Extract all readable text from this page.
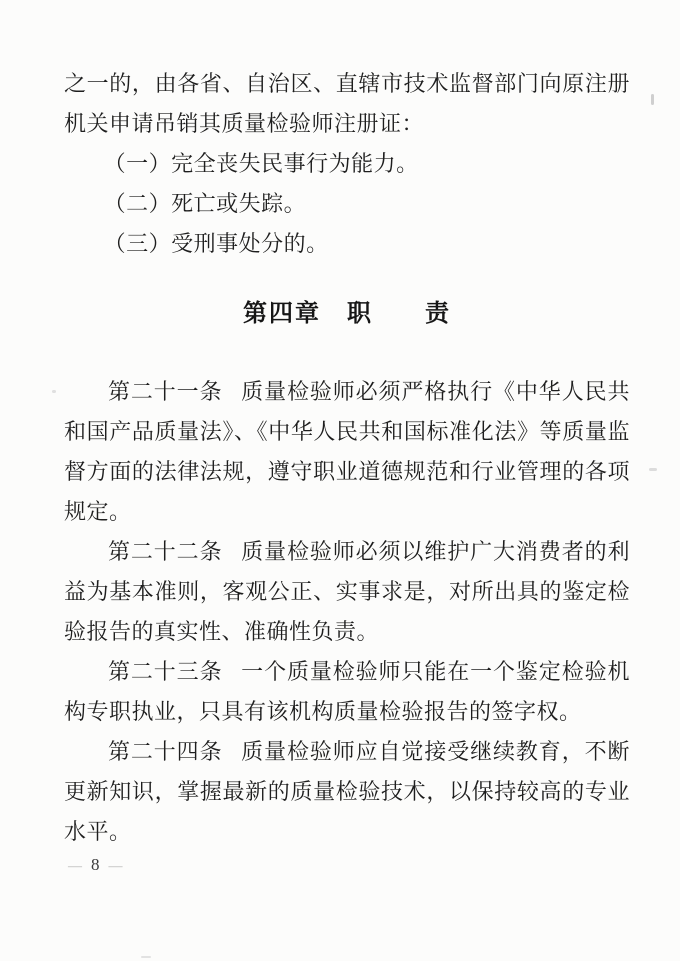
之一的，由各省、自治区、直辖市技术监督部门向原注册机关申请吊销其质量检验师注册证：

（一）完全丧失民事行为能力。

（二）死亡或失踪。

（三）受刑事处分的。

第四章　职　　责

第二十一条 质量检验师必须严格执行《中华人民共和国产品质量法》、《中华人民共和国标准化法》等质量监督方面的法律法规，遵守职业道德规范和行业管理的各项规定。

第二十二条 质量检验师必须以维护广大消费者的利益为基本准则，客观公正、实事求是，对所出具的鉴定检验报告的真实性、准确性负责。

第二十三条 一个质量检验师只能在一个鉴定检验机构专职执业，只具有该机构质量检验报告的签字权。

第二十四条 质量检验师应自觉接受继续教育，不断更新知识，掌握最新的质量检验技术，以保持较高的专业水平。

— 8 —
